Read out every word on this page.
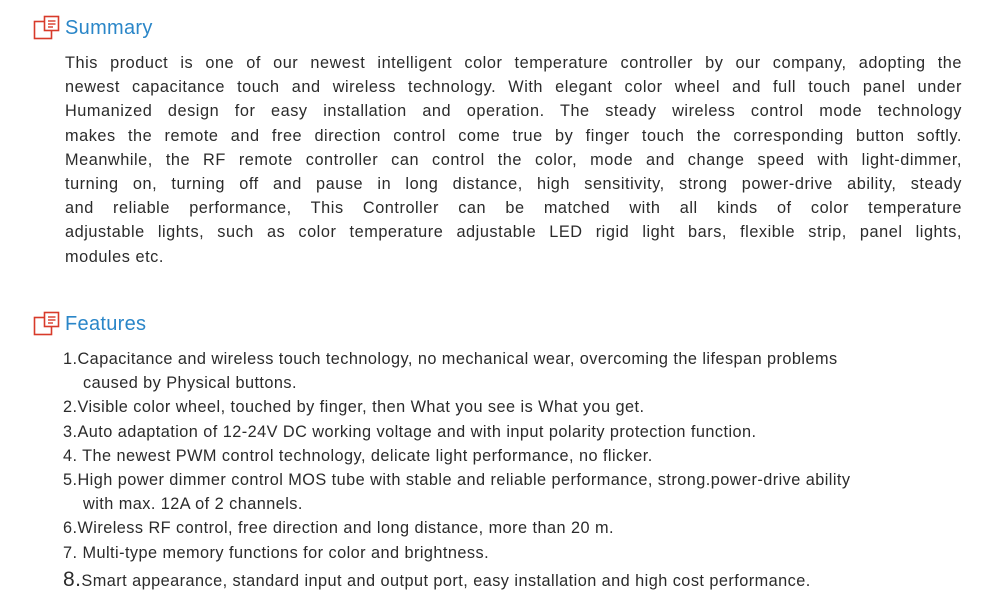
Summary
This product is one of our newest intelligent color temperature controller by our company, adopting the
newest capacitance touch and wireless technology. With elegant color wheel and full touch panel under
Humanized design for easy installation and operation. The steady wireless control mode technology
makes the remote and free direction control come true by finger touch the corresponding button softly.
Meanwhile, the RF remote controller can control the color, mode and change speed with light-dimmer,
turning on, turning off and pause in long distance, high sensitivity, strong power-drive ability, steady
and reliable performance, This Controller can be matched with all kinds of color temperature
adjustable lights, such as color temperature adjustable LED rigid light bars, flexible strip, panel lights,
modules etc.
Features
1.Capacitance and wireless touch technology, no mechanical wear, overcoming the lifespan problems
caused by Physical buttons.
2.Visible color wheel, touched by finger, then What you see is What you get.
3.Auto adaptation of 12-24V DC working voltage and with input polarity protection function.
4. The newest PWM control technology, delicate light performance, no flicker.
5.High power dimmer control MOS tube with stable and reliable performance, strong.power-drive ability
with max. 12A of 2 channels.
6.Wireless RF control, free direction and long distance, more than 20 m.
7. Multi-type memory functions for color and brightness.
8.Smart appearance, standard input and output port, easy installation and high cost performance.
